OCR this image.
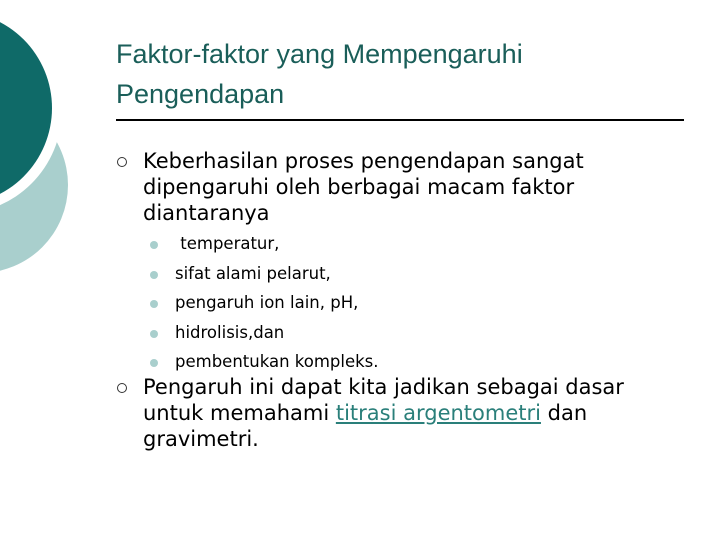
Faktor-faktor yang Mempengaruhi Pengendapan

Keberhasilan proses pengendapan sangat dipengaruhi oleh berbagai macam faktor diantaranya

temperatur,
sifat alami pelarut,
pengaruh ion lain, pH,
hidrolisis,dan
pembentukan kompleks.

Pengaruh ini dapat kita jadikan sebagai dasar untuk memahami titrasi argentometri dan gravimetri.
